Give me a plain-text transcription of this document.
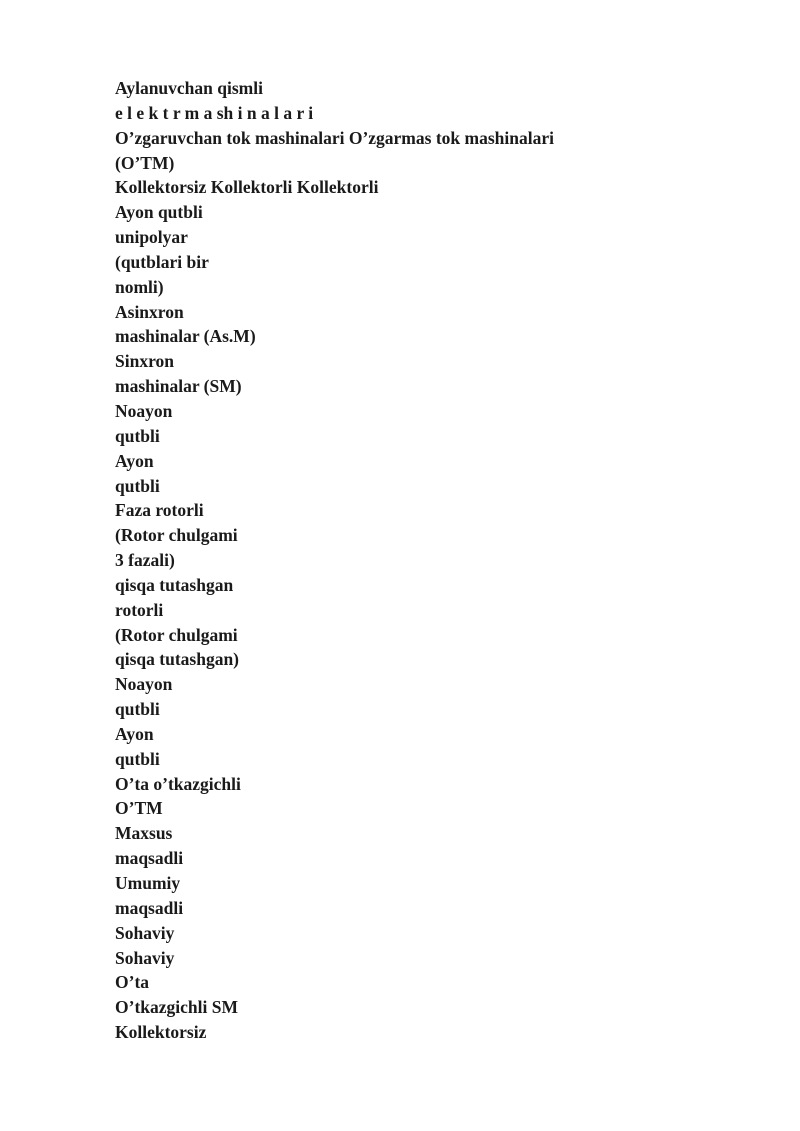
Aylanuvchan qismli
e l e k t r m a sh i n a l a r i
O’zgaruvchan tok mashinalari O’zgarmas tok mashinalari
(O’TM)
Kollektorsiz Kollektorli Kollektorli
Ayon qutbli
unipolyar
(qutblari bir
nomli)
Asinxron
mashinalar (As.M)
Sinxron
mashinalar (SM)
Noayon
qutbli
Ayon
qutbli
Faza rotorli
(Rotor chulgami
3 fazali)
qisqa tutashgan
rotorli
(Rotor chulgami
qisqa tutashgan)
Noayon
qutbli
Ayon
qutbli
O’ta o’tkazgichli
O’TM
Maxsus
maqsadli
Umumiy
maqsadli
Sohaviy
Sohaviy
O’ta
O’tkazgichli SM
Kollektorsiz
